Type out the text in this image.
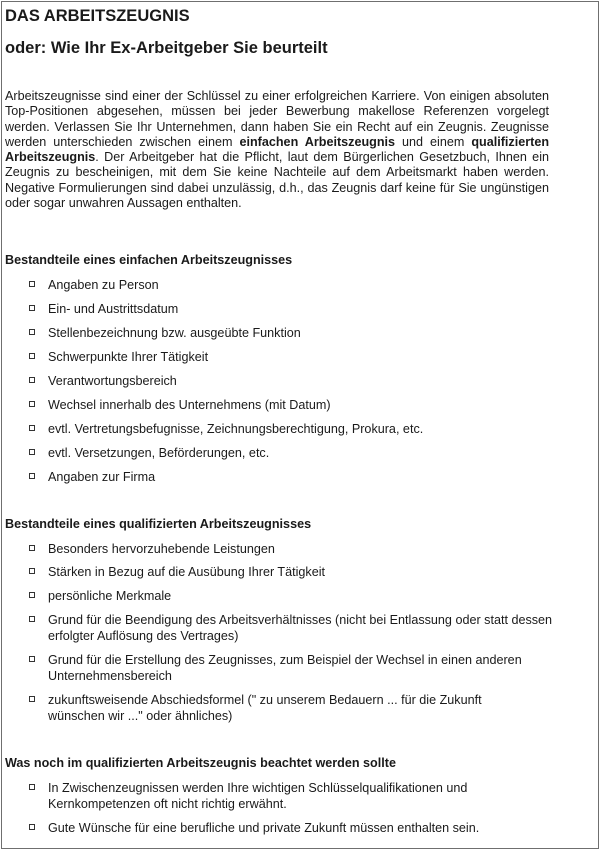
DAS ARBEITSZEUGNIS
oder: Wie Ihr Ex-Arbeitgeber Sie beurteilt

Arbeitszeugnisse sind einer der Schlüssel zu einer erfolgreichen Karriere. Von einigen absoluten Top-Positionen abgesehen, müssen bei jeder Bewerbung makellose Referenzen vorgelegt werden. Verlassen Sie Ihr Unternehmen, dann haben Sie ein Recht auf ein Zeugnis. Zeugnisse werden unterschieden zwischen einem einfachen Arbeitszeugnis und einem qualifizierten Arbeitszeugnis. Der Arbeitgeber hat die Pflicht, laut dem Bürgerlichen Gesetzbuch, Ihnen ein Zeugnis zu bescheinigen, mit dem Sie keine Nachteile auf dem Arbeitsmarkt haben werden. Negative Formulierungen sind dabei unzulässig, d.h., das Zeugnis darf keine für Sie ungünstigen oder sogar unwahren Aussagen enthalten.

Bestandteile eines einfachen Arbeitszeugnisses
Angaben zu Person
Ein- und Austrittsdatum
Stellenbezeichnung bzw. ausgeübte Funktion
Schwerpunkte Ihrer Tätigkeit
Verantwortungsbereich
Wechsel innerhalb des Unternehmens (mit Datum)
evtl. Vertretungsbefugnisse, Zeichnungsberechtigung, Prokura, etc.
evtl. Versetzungen, Beförderungen, etc.
Angaben zur Firma
Bestandteile eines qualifizierten Arbeitszeugnisses
Besonders hervorzuhebende Leistungen
Stärken in Bezug auf die Ausübung Ihrer Tätigkeit
persönliche Merkmale
Grund für die Beendigung des Arbeitsverhältnisses (nicht bei Entlassung oder statt dessen erfolgter Auflösung des Vertrages)
Grund für die Erstellung des Zeugnisses, zum Beispiel der Wechsel in einen anderen Unternehmensbereich
zukunftsweisende Abschiedsformel (" zu unserem Bedauern ... für die Zukunft wünschen wir ..." oder ähnliches)
Was noch im qualifizierten Arbeitszeugnis beachtet werden sollte
In Zwischenzeugnissen werden Ihre wichtigen Schlüsselqualifikationen und Kernkompetenzen oft nicht richtig erwähnt.
Gute Wünsche für eine berufliche und private Zukunft müssen enthalten sein.
